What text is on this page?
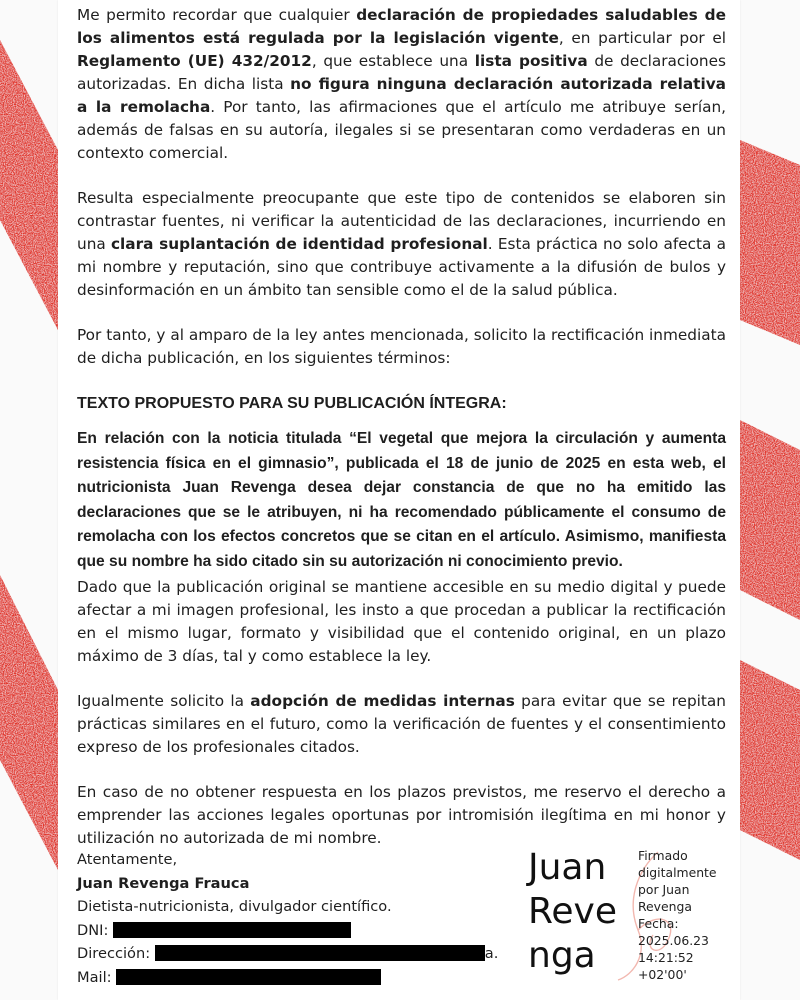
Me permito recordar que cualquier declaración de propiedades saludables de los alimentos está regulada por la legislación vigente, en particular por el Reglamento (UE) 432/2012, que establece una lista positiva de declaraciones autorizadas. En dicha lista no figura ninguna declaración autorizada relativa a la remolacha. Por tanto, las afirmaciones que el artículo me atribuye serían, además de falsas en su autoría, ilegales si se presentaran como verdaderas en un contexto comercial.

Resulta especialmente preocupante que este tipo de contenidos se elaboren sin contrastar fuentes, ni verificar la autenticidad de las declaraciones, incurriendo en una clara suplantación de identidad profesional. Esta práctica no solo afecta a mi nombre y reputación, sino que contribuye activamente a la difusión de bulos y desinformación en un ámbito tan sensible como el de la salud pública.

Por tanto, y al amparo de la ley antes mencionada, solicito la rectificación inmediata de dicha publicación, en los siguientes términos:

TEXTO PROPUESTO PARA SU PUBLICACIÓN ÍNTEGRA:
En relación con la noticia titulada “El vegetal que mejora la circulación y aumenta resistencia física en el gimnasio”, publicada el 18 de junio de 2025 en esta web, el nutricionista Juan Revenga desea dejar constancia de que no ha emitido las declaraciones que se le atribuyen, ni ha recomendado públicamente el consumo de remolacha con los efectos concretos que se citan en el artículo. Asimismo, manifiesta que su nombre ha sido citado sin su autorización ni conocimiento previo.

Dado que la publicación original se mantiene accesible en su medio digital y puede afectar a mi imagen profesional, les insto a que procedan a publicar la rectificación en el mismo lugar, formato y visibilidad que el contenido original, en un plazo máximo de 3 días, tal y como establece la ley.

Igualmente solicito la adopción de medidas internas para evitar que se repitan prácticas similares en el futuro, como la verificación de fuentes y el consentimiento expreso de los profesionales citados.

En caso de no obtener respuesta en los plazos previstos, me reservo el derecho a emprender las acciones legales oportunas por intromisión ilegítima en mi honor y utilización no autorizada de mi nombre.

Atentamente,
Juan Revenga Frauca
Dietista-nutricionista, divulgador científico.
DNI:
Dirección:	a.
Mail:
Juan
Reve
nga
Firmado
digitalmente
por Juan
Revenga
Fecha:
2025.06.23
14:21:52
+02'00'
